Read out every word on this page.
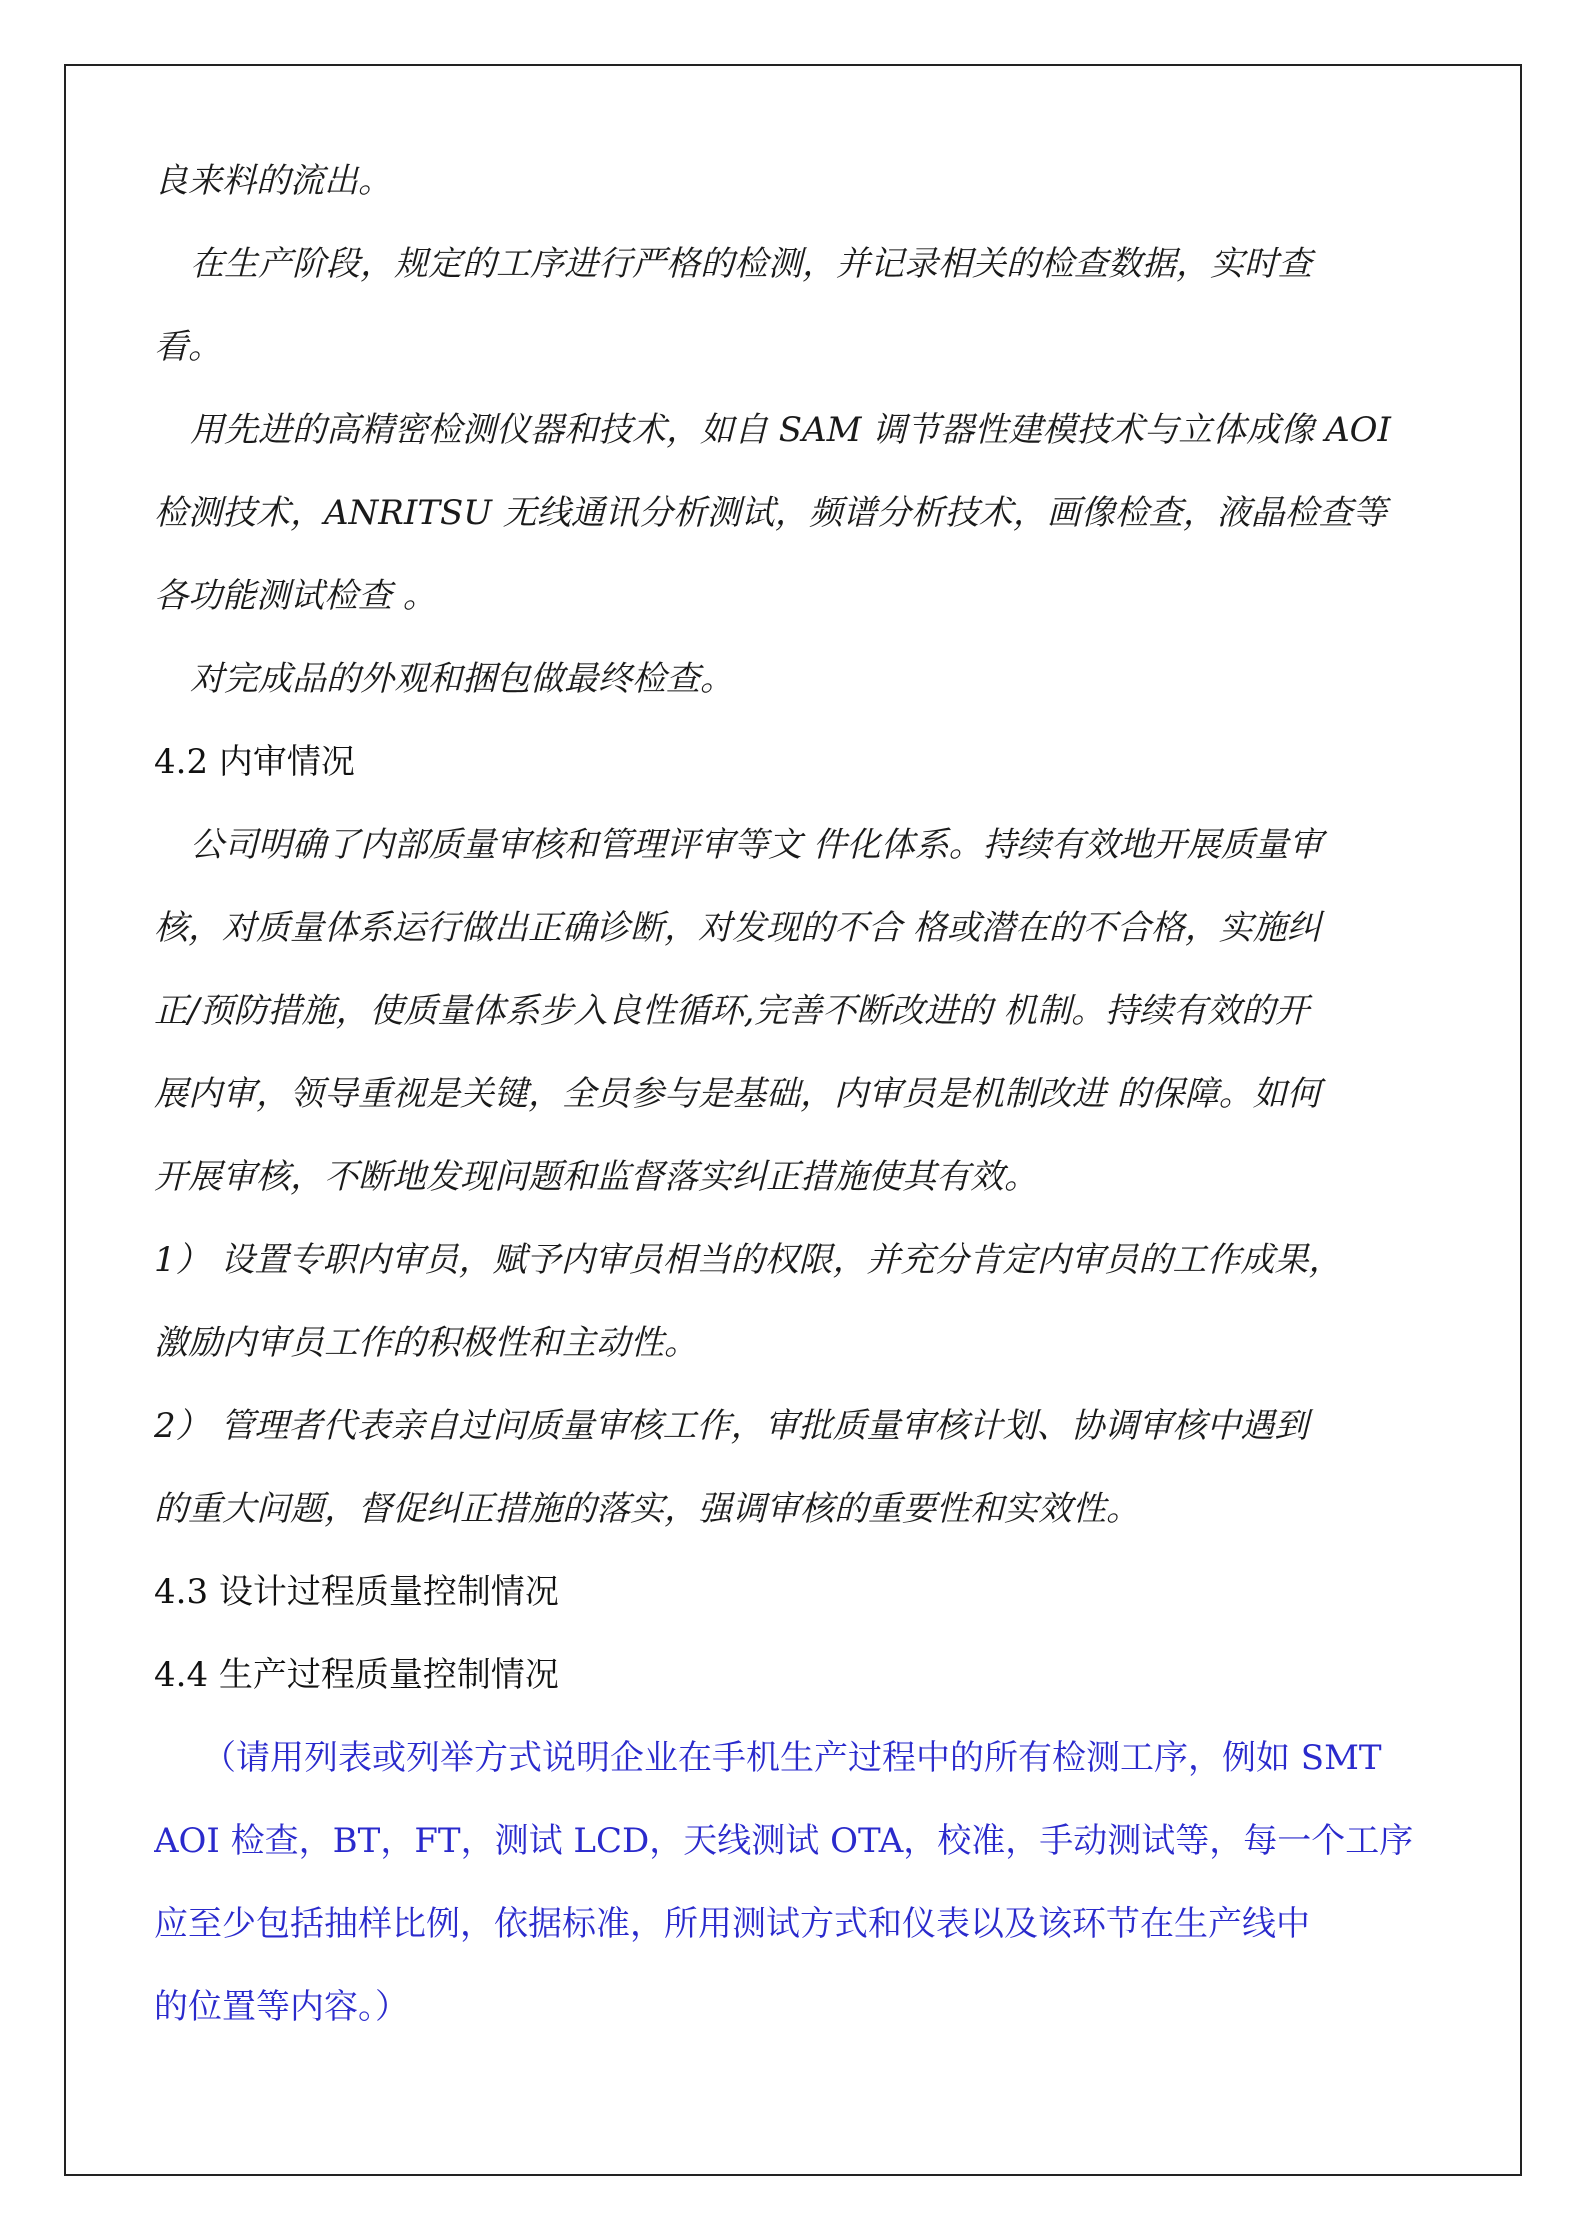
良来料的流出。
在生产阶段，规定的工序进行严格的检测，并记录相关的检查数据，实时查
看。
用先进的高精密检测仪器和技术，如自 SAM 调节器性建模技术与立体成像 AOI
检测技术，ANRITSU 无线通讯分析测试，频谱分析技术，画像检查，液晶检查等
各功能测试检查 。
对完成品的外观和捆包做最终检查。
4.2 内审情况
公司明确了内部质量审核和管理评审等文 件化体系。持续有效地开展质量审
核，对质量体系运行做出正确诊断，对发现的不合 格或潜在的不合格，实施纠
正/预防措施，使质量体系步入良性循环,完善不断改进的 机制。持续有效的开
展内审，领导重视是关键，全员参与是基础，内审员是机制改进 的保障。如何
开展审核，不断地发现问题和监督落实纠正措施使其有效。
1） 设置专职内审员，赋予内审员相当的权限，并充分肯定内审员的工作成果，
激励内审员工作的积极性和主动性。
2） 管理者代表亲自过问质量审核工作，审批质量审核计划、协调审核中遇到
的重大问题，督促纠正措施的落实，强调审核的重要性和实效性。
4.3 设计过程质量控制情况
4.4 生产过程质量控制情况
（请用列表或列举方式说明企业在手机生产过程中的所有检测工序，例如 SMT
AOI 检查，BT，FT，测试 LCD，天线测试 OTA，校准，手动测试等，每一个工序
应至少包括抽样比例，依据标准，所用测试方式和仪表以及该环节在生产线中
的位置等内容。）
